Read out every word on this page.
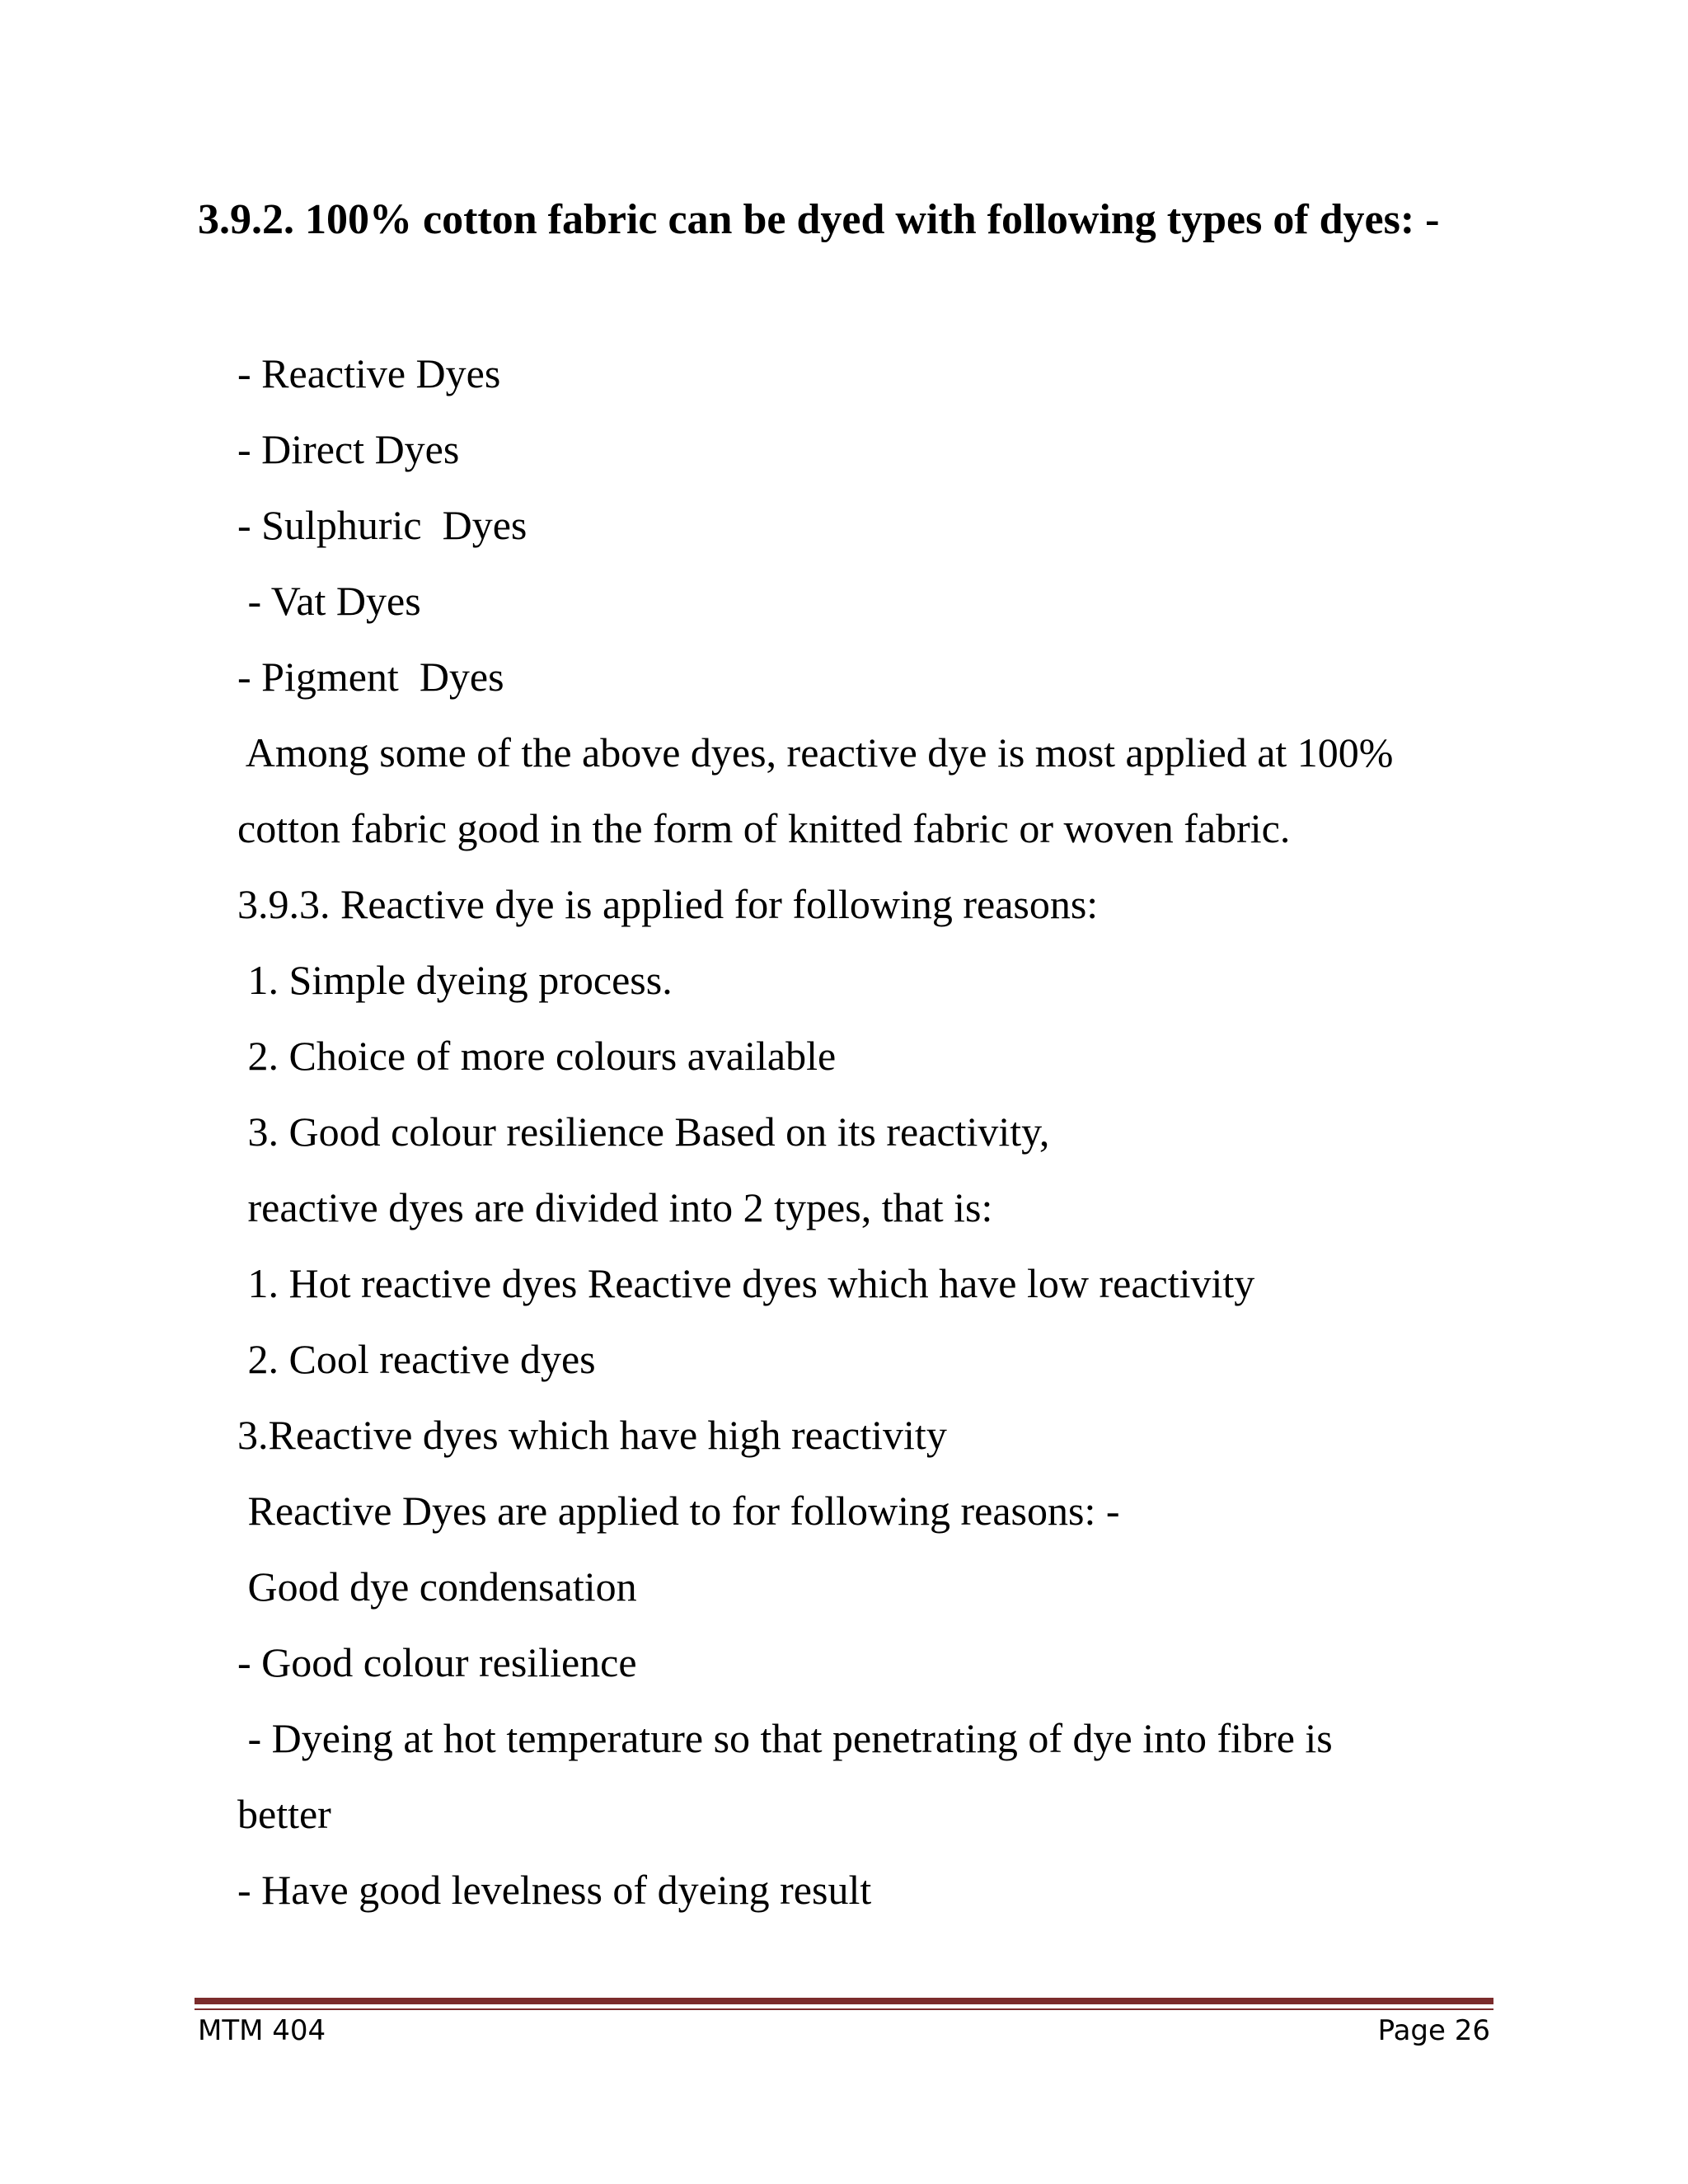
3.9.2. 100% cotton fabric can be dyed with following types of dyes: -
- Reactive Dyes
- Direct Dyes
- Sulphuric  Dyes
- Vat Dyes
- Pigment  Dyes
Among some of the above dyes, reactive dye is most applied at 100%
cotton fabric good in the form of knitted fabric or woven fabric.
3.9.3. Reactive dye is applied for following reasons:
1. Simple dyeing process.
2. Choice of more colours available
3. Good colour resilience Based on its reactivity,
reactive dyes are divided into 2 types, that is:
1. Hot reactive dyes Reactive dyes which have low reactivity
2. Cool reactive dyes
3.Reactive dyes which have high reactivity
Reactive Dyes are applied to for following reasons: -
Good dye condensation
- Good colour resilience
- Dyeing at hot temperature so that penetrating of dye into fibre is
better
- Have good levelness of dyeing result
MTM 404	Page 26
